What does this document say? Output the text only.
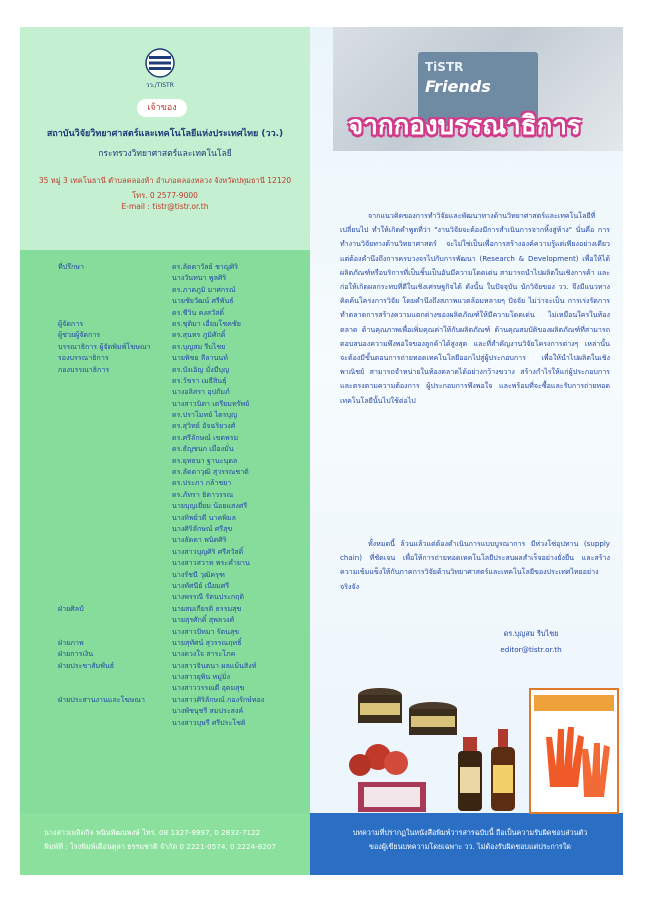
วว./TISTR
เจ้าของ
สถาบันวิจัยวิทยาศาสตร์และเทคโนโลยีแห่งประเทศไทย (วว.)
กระทรวงวิทยาศาสตร์และเทคโนโลยี
35 หมู่ 3 เทคโนธานี ตำบลคลองห้า อำเภอคลองหลวง จังหวัดปทุมธานี 12120
โทร. 0 2577-9000
E-mail : tistr@tistr.or.th
ที่ปรึกษา	ดร.ลัดดาวัลย์ ชาญศิริ
นางวันทนา พูลศิริ
ดร.ภาคภูมิ มาศกรณ์
นายชัยวัฒน์ ศรีพันธ์
ดร.ชีวิน คงสวัสดิ์
ผู้จัดการ	ดร.ชุติมา เอี่ยมโชคชัย
ผู้ช่วยผู้จัดการ	ดร.สุนทร ภูมิศักดิ์
บรรณาธิการ ผู้จัดพิมพ์โฆษณา	ดร.บุญสม รีบไชย
รองบรรณาธิการ	นายพิชย ลีลานนท์
กองบรรณาธิการ	ดร.บังเอิญ มั่งมีบุญ
ดร.วัชรา เมธีสินธุ์
นางอลิสรา อุปถัมภ์
นางสาวนิตา เตรียมทรัพย์
ดร.ปราโมทย์ ไตรบุญ
ดร.สุวิทย์ อัจฉริยวงศ์
ดร.ศรีลักษณ์ เขตพรม
ดร.ธัญชนก เมืองมั่น
ดร.ยุทธนา ฐานะนุดล
ดร.ลัดดาวุฒิ สุวรรณชาติ
ดร.ประภา กล้าชยา
ดร.ภัทรา ธิตาวรรณ
นายบุญเยี่ยม น้อยแสงศรี
นางทิพย์วดี นาคพิมล
นางศิริลักษณ์ ศรีสุข
นางลัดดา พนิตศิริ
นางสาวบุญศิริ ศรีสวัสดิ์
นางสาวสวาท พระคำยาน
นางรัชนี วุฒิครุฑ
นางทัศนีย์ เนียมศรี
นางพรรณี รัตนประกฤติ
ฝ่ายศิลป์	นายสมเกียรติ ธรรมสุข
นายสุรศักดิ์ สุพลวงศ์
นางสาวปัทมา รัตนสุข
ฝ่ายภาพ	นายสุทัศน์ สุวรรณฤทธิ์
ฝ่ายการเงิน	นางดวงใจ สาระโภค
ฝ่ายประชาสัมพันธ์	นางสาวจินตนา ผลแม้นสิงห์
นางสาวยุพิน หมู่มิ่ง
นางสาววรรณดี อุดมสุข
ฝ่ายประสานงานและโฆษณา	นางสาวศิริลักษณ์ กองรักษ์ทอง
นางพัชนุชรี สมประสงค์
นางสาวบุษรี ศรีประโชติ
นางสาวเพลิดกิจ พนินพัฒนพงษ์ โทร. 08 1327-9997, 0 2832-7122
พิมพ์ที่ : โรงพิมพ์เดือนตุลา ธรรมชาติ จำกัด 0 2221-0574, 0 2224-8207
บทความที่ปรากฏในหนังสือพิมพ์วารสารฉบับนี้ ถือเป็นความรับผิดชอบส่วนตัว
ของผู้เขียนบทความโดยเฉพาะ วว. ไม่ต้องรับผิดชอบแต่ประการใด
TiSTR
Friends
จากกองบรรณาธิการ
จากแนวคิดของการทำวิจัยและพัฒนาทางด้านวิทยาศาสตร์และเทคโนโลยีที่เปลี่ยนไป ทำให้เกิดคำพูดที่ว่า "งานวิจัยจะต้องมีการสำเนินการจากหิ้งสู่ห้าง" นั่นคือ การทำงานวิจัยทางด้านวิทยาศาสตร์ จะไม่ใช่เป็นเพื่อการสร้างองค์ความรู้แต่เพียงอย่างเดียว แต่ต้องคำนึงถึงการครบวงจรไปกับการพัฒนา (Research & Development) เพื่อให้ได้ผลิตภัณฑ์หรือบริการที่เป็นชิ้นเป็นอันมีความโดดเด่น สามารถนำไปผลิตในเชิงการค้า และก่อให้เกิดผลกระทบที่ดีในเชิงเศรษฐกิจได้ ดังนั้น ในปัจจุบัน นักวิจัยของ วว. จึงมีแนวทางคิดค้นโครงการวิจัย โดยคำนึงถึงสภาพแวดล้อมหลายๆ ปัจจัย ไม่ว่าจะเป็น การเร่งรัดการทำตลาดการสร้างความแตกต่างของผลิตภัณฑ์ให้มีความโดดเด่น ไม่เหมือนใครในท้องตลาด ด้านคุณภาพเพื่อเพิ่มคุณค่าให้กับผลิตภัณฑ์ ด้านคุณสมบัติของผลิตภัณฑ์ที่สามารถตอบสนองความพึงพอใจของลูกค้าได้สูงสุด และที่สำคัญงานวิจัยโครงการต่างๆ เหล่านั้น จะต้องมีขั้นตอนการถ่ายทอดเทคโนโลยีออกไปสู่ผู้ประกอบการ เพื่อให้นำไปผลิตในเชิงพาณิชย์ สามารถจำหน่ายในท้องตลาดได้อย่างกว้างขวาง สร้างกำไรให้แก่ผู้ประกอบการ และตรงตามความต้องการ ผู้ประกอบการพึงพอใจ และพร้อมที่จะซื้อและรับการถ่ายทอดเทคโนโลยีนั้นไปใช้ต่อไป
ทั้งหมดนี้ ล้วนแล้วแต่ต้องดำเนินการแบบบูรณาการ มีห่วงโซ่อุปทาน (supply chain) ที่ชัดเจน เพื่อให้การถ่ายทอดเทคโนโลยีประสบผลสำเร็จอย่างยั่งยืน และสร้างความเข้มแข็งให้กับภาคการวิจัยด้านวิทยาศาสตร์และเทคโนโลยีของประเทศไทยอย่างจริงจัง
ดร.บุญสม รีบไชย
editor@tistr.or.th
